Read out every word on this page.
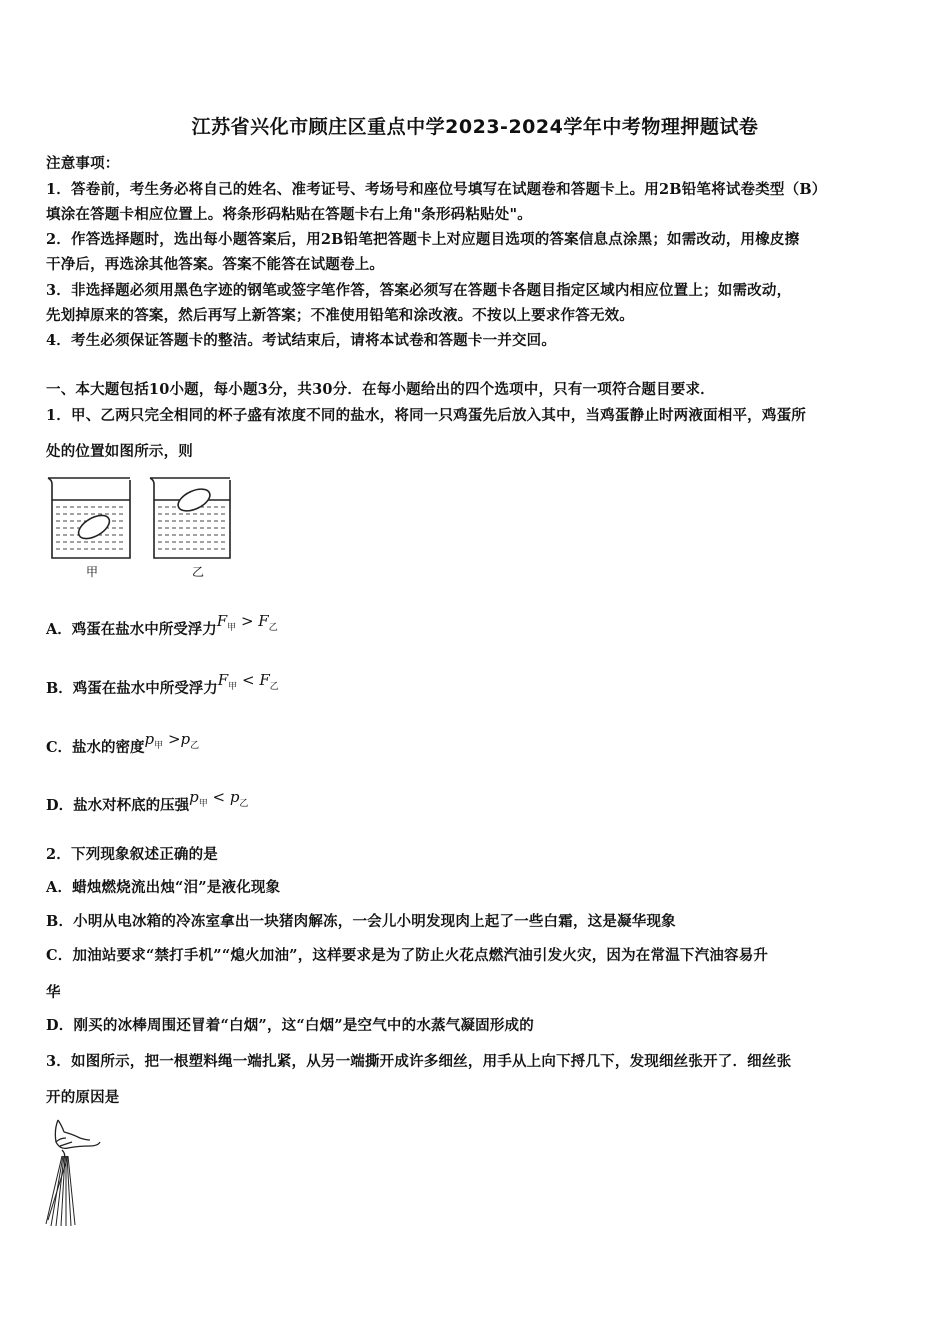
江苏省兴化市顾庄区重点中学2023-2024学年中考物理押题试卷
注意事项：
1．答卷前，考生务必将自己的姓名、准考证号、考场号和座位号填写在试题卷和答题卡上。用2B铅笔将试卷类型（B）
填涂在答题卡相应位置上。将条形码粘贴在答题卡右上角"条形码粘贴处"。
2．作答选择题时，选出每小题答案后，用2B铅笔把答题卡上对应题目选项的答案信息点涂黑；如需改动，用橡皮擦
干净后，再选涂其他答案。答案不能答在试题卷上。
3．非选择题必须用黑色字迹的钢笔或签字笔作答，答案必须写在答题卡各题目指定区域内相应位置上；如需改动，
先划掉原来的答案，然后再写上新答案；不准使用铅笔和涂改液。不按以上要求作答无效。
4．考生必须保证答题卡的整洁。考试结束后，请将本试卷和答题卡一并交回。
一、本大题包括10小题，每小题3分，共30分．在每小题给出的四个选项中，只有一项符合题目要求．
1．甲、乙两只完全相同的杯子盛有浓度不同的盐水，将同一只鸡蛋先后放入其中，当鸡蛋静止时两液面相平，鸡蛋所
处的位置如图所示，则
甲	乙
A．鸡蛋在盐水中所受浮力$F_甲 > F_乙$
B．鸡蛋在盐水中所受浮力$F_甲 < F_乙$
C．盐水的密度$p_甲 >p_乙$
D．盐水对杯底的压强$p_甲 < p_乙$
2．下列现象叙述正确的是
A．蜡烛燃烧流出烛“泪”是液化现象
B．小明从电冰箱的冷冻室拿出一块猪肉解冻，一会儿小明发现肉上起了一些白霜，这是凝华现象
C．加油站要求“禁打手机”“熄火加油”，这样要求是为了防止火花点燃汽油引发火灾，因为在常温下汽油容易升
华
D．刚买的冰棒周围还冒着“白烟”，这“白烟”是空气中的水蒸气凝固形成的
3．如图所示，把一根塑料绳一端扎紧，从另一端撕开成许多细丝，用手从上向下捋几下，发现细丝张开了．细丝张
开的原因是
